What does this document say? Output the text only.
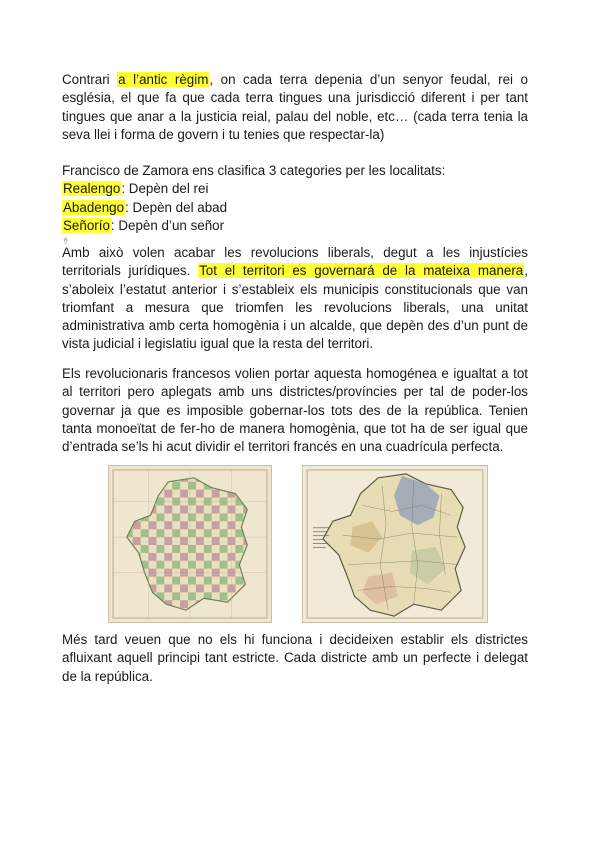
Contrari a l’antic règim, on cada terra depenia d’un senyor feudal, rei o església, el que fa que cada terra tingues una jurisdicció diferent i per tant tingues que anar a la justicia reial, palau del noble, etc… (cada terra tenia la seva llei i forma de govern i tu tenies que respectar-la)
Francisco de Zamora ens clasifica 3 categories per les localitats:
Realengo: Depèn del rei
Abadengo: Depèn del abad
Señorío: Depèn d’un señor
⇮
Amb això volen acabar les revolucions liberals, degut a les injustícies territorials jurídiques. Tot el territori es governará de la mateixa manera, s’aboleix l’estatut anterior i s’estableix els municipis constitucionals que van triomfant a mesura que triomfen les revolucions liberals, una unitat administrativa amb certa homogènia i un alcalde, que depèn des d’un punt de vista judicial i legislatiu igual que la resta del territori.
Els revolucionaris francesos volien portar aquesta homogénea e igualtat a tot al territori pero aplegats amb uns districtes/províncies per tal de poder-los governar ja que es imposible gobernar-los tots des de la república. Tenien tanta monoeïtat de fer-ho de manera homogènia, que tot ha de ser igual que d’entrada se’ls hi acut dividir el territori francés en una cuadrícula perfecta.
Més tard veuen que no els hi funciona i decideixen establir els districtes afluixant aquell principi tant estricte. Cada districte amb un perfecte i delegat de la república.
